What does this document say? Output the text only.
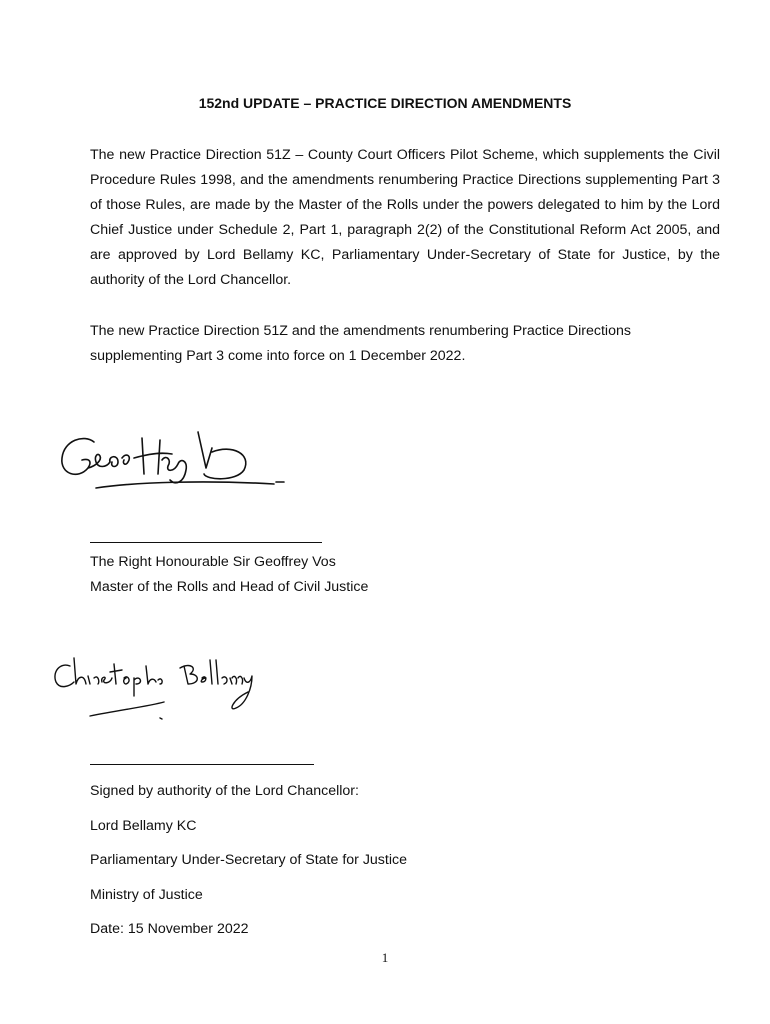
152nd UPDATE – PRACTICE DIRECTION AMENDMENTS
The new Practice Direction 51Z – County Court Officers Pilot Scheme, which supplements the Civil Procedure Rules 1998, and the amendments renumbering Practice Directions supplementing Part 3 of those Rules, are made by the Master of the Rolls under the powers delegated to him by the Lord Chief Justice under Schedule 2, Part 1, paragraph 2(2) of the Constitutional Reform Act 2005, and are approved by Lord Bellamy KC, Parliamentary Under-Secretary of State for Justice, by the authority of the Lord Chancellor.
The new Practice Direction 51Z and the amendments renumbering Practice Directions supplementing Part 3 come into force on 1 December 2022.
The Right Honourable Sir Geoffrey Vos
Master of the Rolls and Head of Civil Justice
Signed by authority of the Lord Chancellor:
Lord Bellamy KC
Parliamentary Under-Secretary of State for Justice
Ministry of Justice
Date: 15 November 2022
1
